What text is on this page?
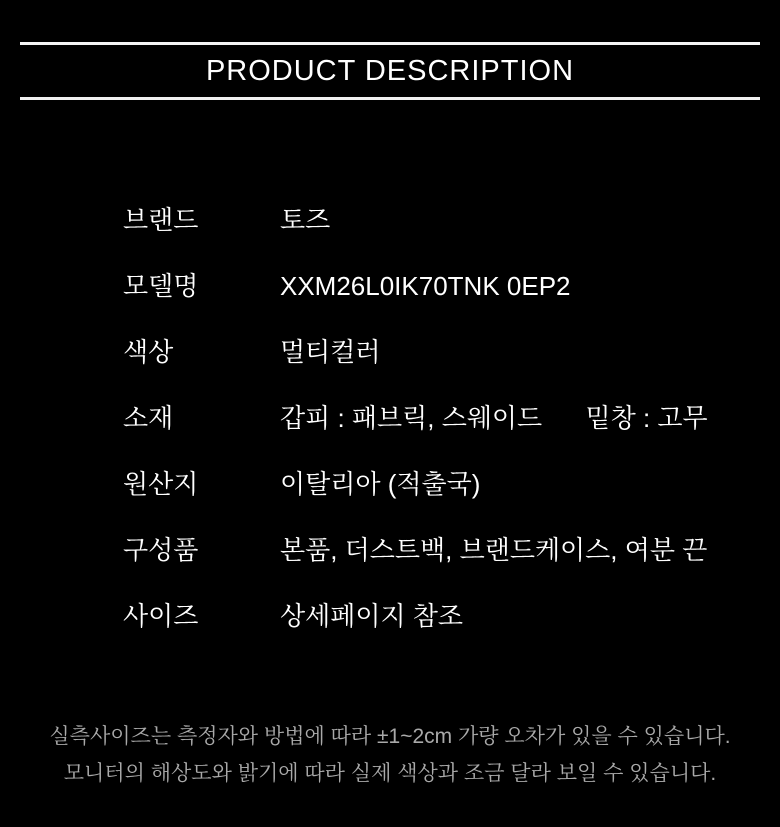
PRODUCT DESCRIPTION
브랜드	토즈
모델명	XXM26L0IK70TNK 0EP2
색상	멀티컬러
소재	갑피 : 패브릭, 스웨이드      밑창 : 고무
원산지	이탈리아 (적출국)
구성품	본품, 더스트백, 브랜드케이스, 여분 끈
사이즈	상세페이지 참조
실측사이즈는 측정자와 방법에 따라 ±1~2cm 가량 오차가 있을 수 있습니다.
모니터의 해상도와 밝기에 따라 실제 색상과 조금 달라 보일 수 있습니다.
